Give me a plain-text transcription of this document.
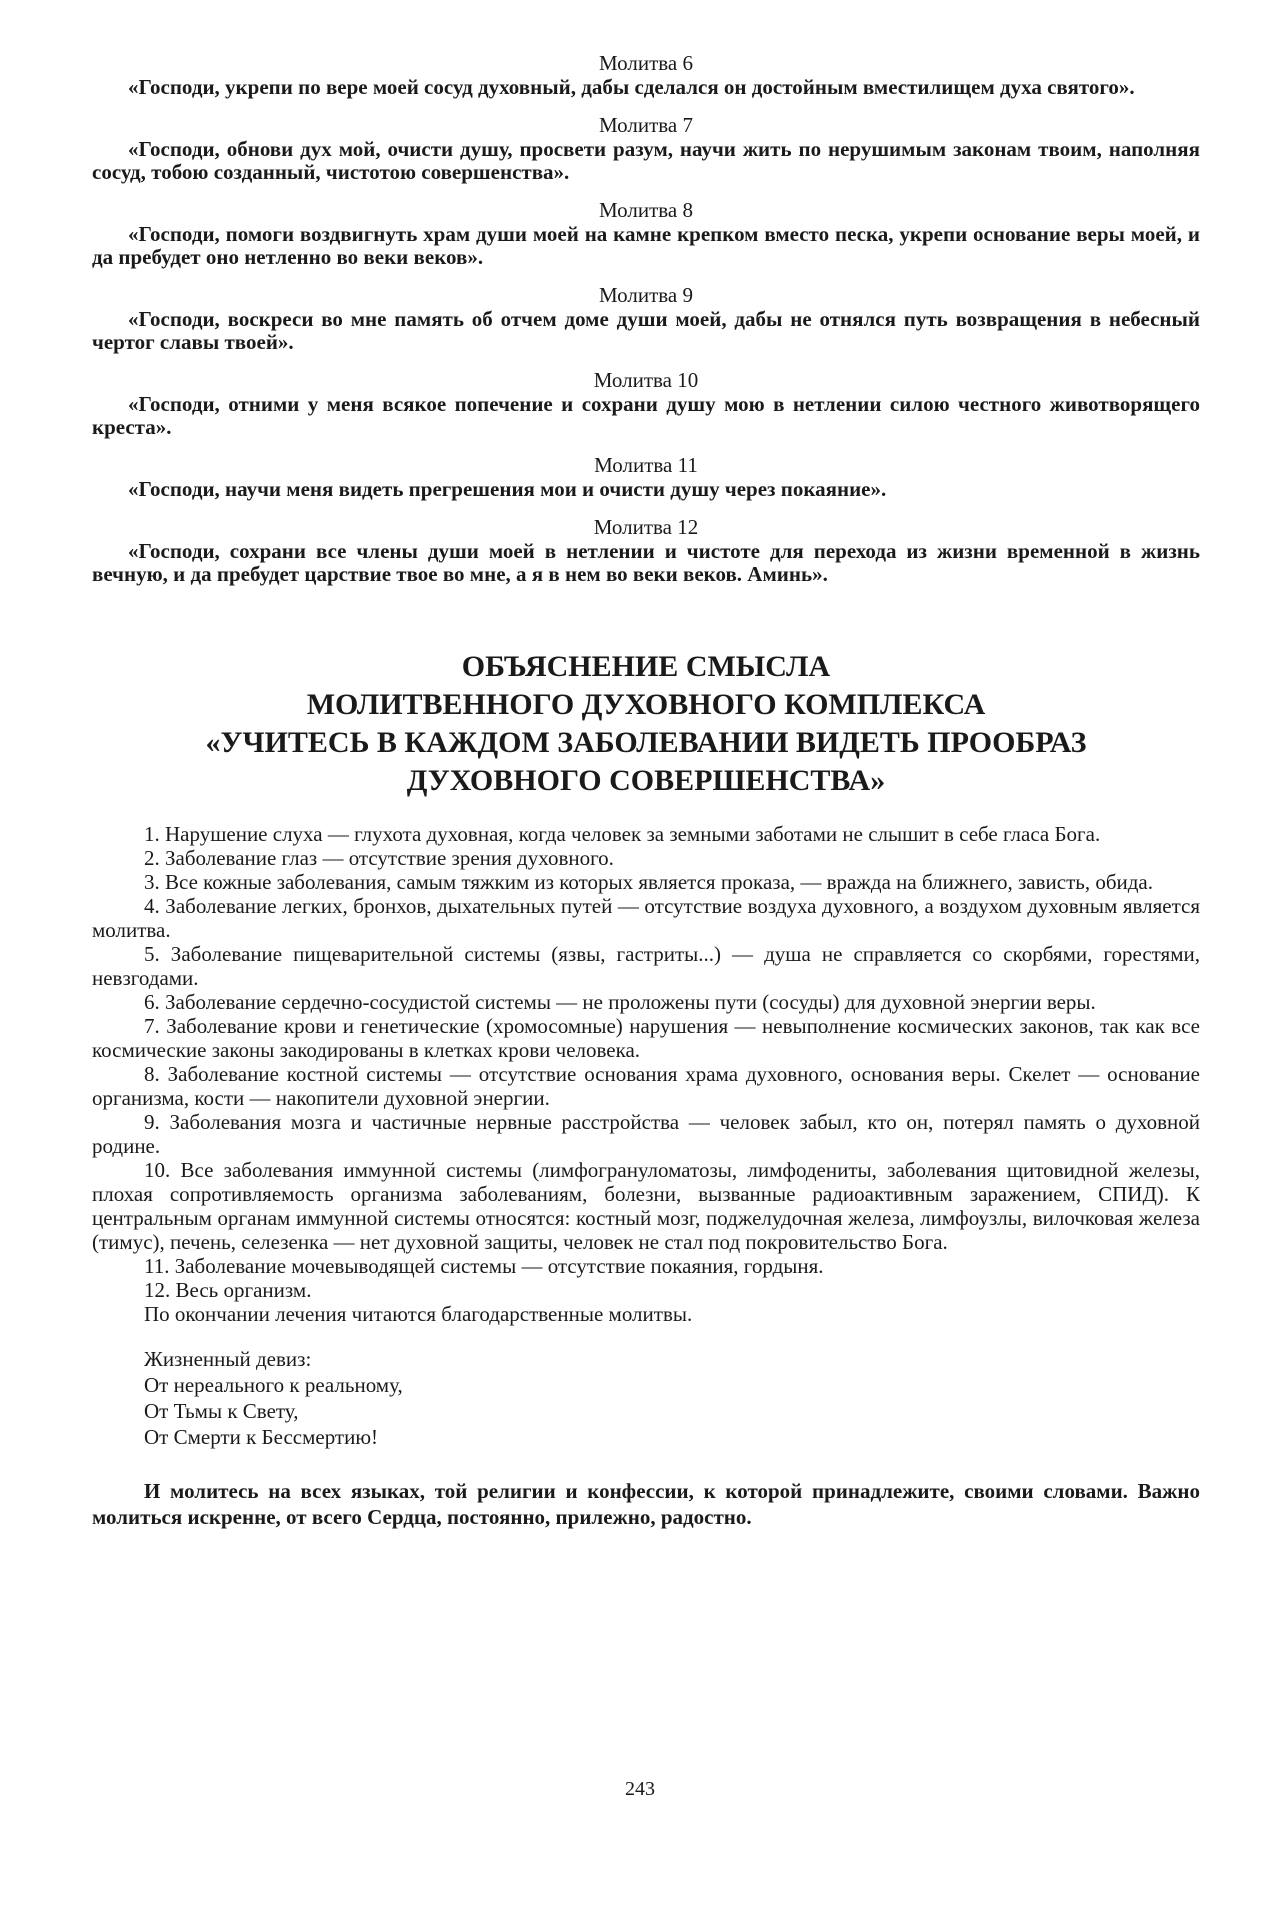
Молитва 6

«Господи, укрепи по вере моей сосуд духовный, дабы сделался он достойным вместилищем духа святого».

Молитва 7

«Господи, обнови дух мой, очисти душу, просвети разум, научи жить по нерушимым законам твоим, наполняя сосуд, тобою созданный, чистотою совершенства».

Молитва 8

«Господи, помоги воздвигнуть храм души моей на камне крепком вместо песка, укрепи основание веры моей, и да пребудет оно нетленно во веки веков».

Молитва 9

«Господи, воскреси во мне память об отчем доме души моей, дабы не отнялся путь возвращения в небесный чертог славы твоей».

Молитва 10

«Господи, отними у меня всякое попечение и сохрани душу мою в нетлении силою честного животворящего креста».

Молитва 11

«Господи, научи меня видеть прегрешения мои и очисти душу через покаяние».

Молитва 12

«Господи, сохрани все члены души моей в нетлении и чистоте для перехода из жизни временной в жизнь вечную, и да пребудет царствие твое во мне, а я в нем во веки веков. Аминь».

ОБЪЯСНЕНИЕ СМЫСЛА

МОЛИТВЕННОГО ДУХОВНОГО КОМПЛЕКСА

«УЧИТЕСЬ В КАЖДОМ ЗАБОЛЕВАНИИ ВИДЕТЬ ПРООБРАЗ

ДУХОВНОГО СОВЕРШЕНСТВА»

1. Нарушение слуха — глухота духовная, когда человек за земными заботами не слышит в себе гласа Бога.

2. Заболевание глаз — отсутствие зрения духовного.

3. Все кожные заболевания, самым тяжким из которых является проказа, — вражда на ближнего, зависть, обида.

4. Заболевание легких, бронхов, дыхательных путей — отсутствие воздуха духовного, а воздухом духовным является молитва.

5. Заболевание пищеварительной системы (язвы, гастриты...) — душа не справляется со скорбями, горестями, невзгодами.

6. Заболевание сердечно-сосудистой системы — не проложены пути (сосуды) для духовной энергии веры.

7. Заболевание крови и генетические (хромосомные) нарушения — невыполнение космических законов, так как все космические законы закодированы в клетках крови человека.

8. Заболевание костной системы — отсутствие основания храма духовного, основания веры. Скелет — основание организма, кости — накопители духовной энергии.

9. Заболевания мозга и частичные нервные расстройства — человек забыл, кто он, потерял память о духовной родине.

10. Все заболевания иммунной системы (лимфогрануломатозы, лимфодениты, заболевания щитовидной железы, плохая сопротивляемость организма заболеваниям, болезни, вызванные радиоактивным заражением, СПИД). К центральным органам иммунной системы относятся: костный мозг, поджелудочная железа, лимфоузлы, вилочковая железа (тимус), печень, селезенка — нет духовной защиты, человек не стал под покровительство Бога.

11. Заболевание мочевыводящей системы — отсутствие покаяния, гордыня.

12. Весь организм.

По окончании лечения читаются благодарственные молитвы.

Жизненный девиз:
От нереального к реальному,
От Тьмы к Свету,
От Смерти к Бессмертию!

И молитесь на всех языках, той религии и конфессии, к которой принадлежите, своими словами. Важно молиться искренне, от всего Сердца, постоянно, прилежно, радостно.

243
